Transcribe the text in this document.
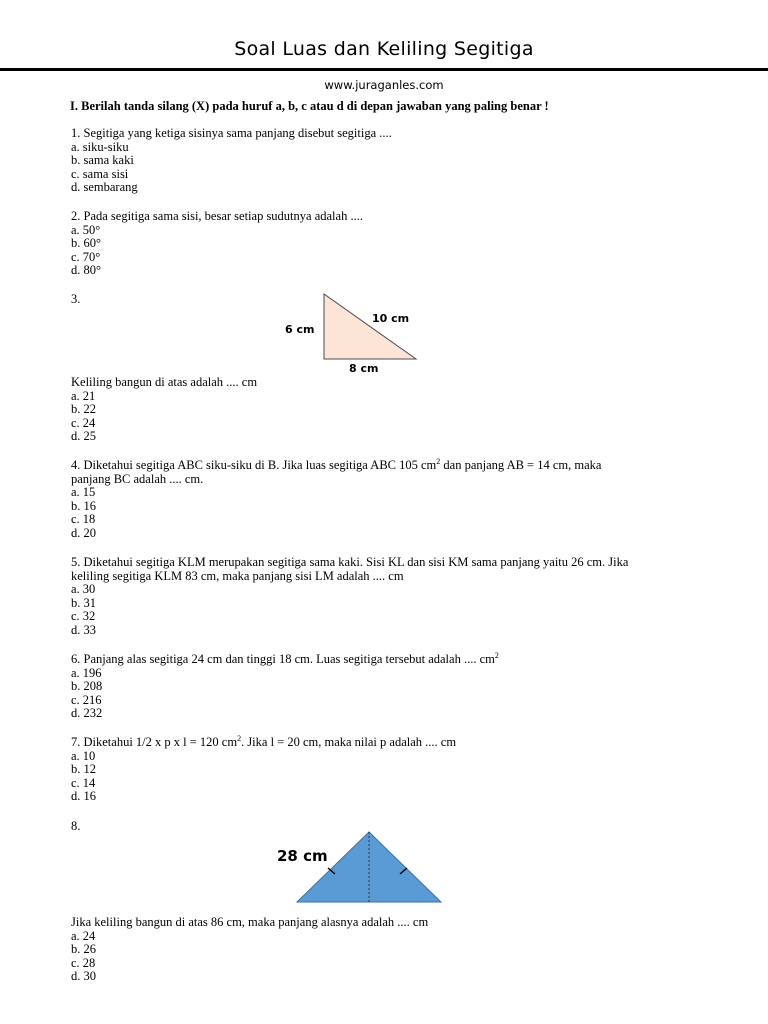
Soal Luas dan Keliling Segitiga
www.juraganles.com
I. Berilah tanda silang (X) pada huruf a, b, c atau d di depan jawaban yang paling benar !
1. Segitiga yang ketiga sisinya sama panjang disebut segitiga ....
a. siku-siku
b. sama kaki
c. sama sisi
d. sembarang
2. Pada segitiga sama sisi, besar setiap sudutnya adalah ....
a. 50°
b. 60°
c. 70°
d. 80°
3.
6 cm
10 cm
8 cm
Keliling bangun di atas adalah .... cm
a. 21
b. 22
c. 24
d. 25
4. Diketahui segitiga ABC siku-siku di B. Jika luas segitiga ABC 105 $cm^2$ dan panjang AB = 14 cm, maka
panjang BC adalah .... cm.
a. 15
b. 16
c. 18
d. 20
5. Diketahui segitiga KLM merupakan segitiga sama kaki. Sisi KL dan sisi KM sama panjang yaitu 26 cm. Jika
keliling segitiga KLM 83 cm, maka panjang sisi LM adalah .... cm
a. 30
b. 31
c. 32
d. 33
6. Panjang alas segitiga 24 cm dan tinggi 18 cm. Luas segitiga tersebut adalah .... $cm^2$
a. 196
b. 208
c. 216
d. 232
7. Diketahui 1/2 x p x l = 120 $cm^2$. Jika l = 20 cm, maka nilai p adalah .... cm
a. 10
b. 12
c. 14
d. 16
8.
28 cm
Jika keliling bangun di atas 86 cm, maka panjang alasnya adalah .... cm
a. 24
b. 26
c. 28
d. 30
